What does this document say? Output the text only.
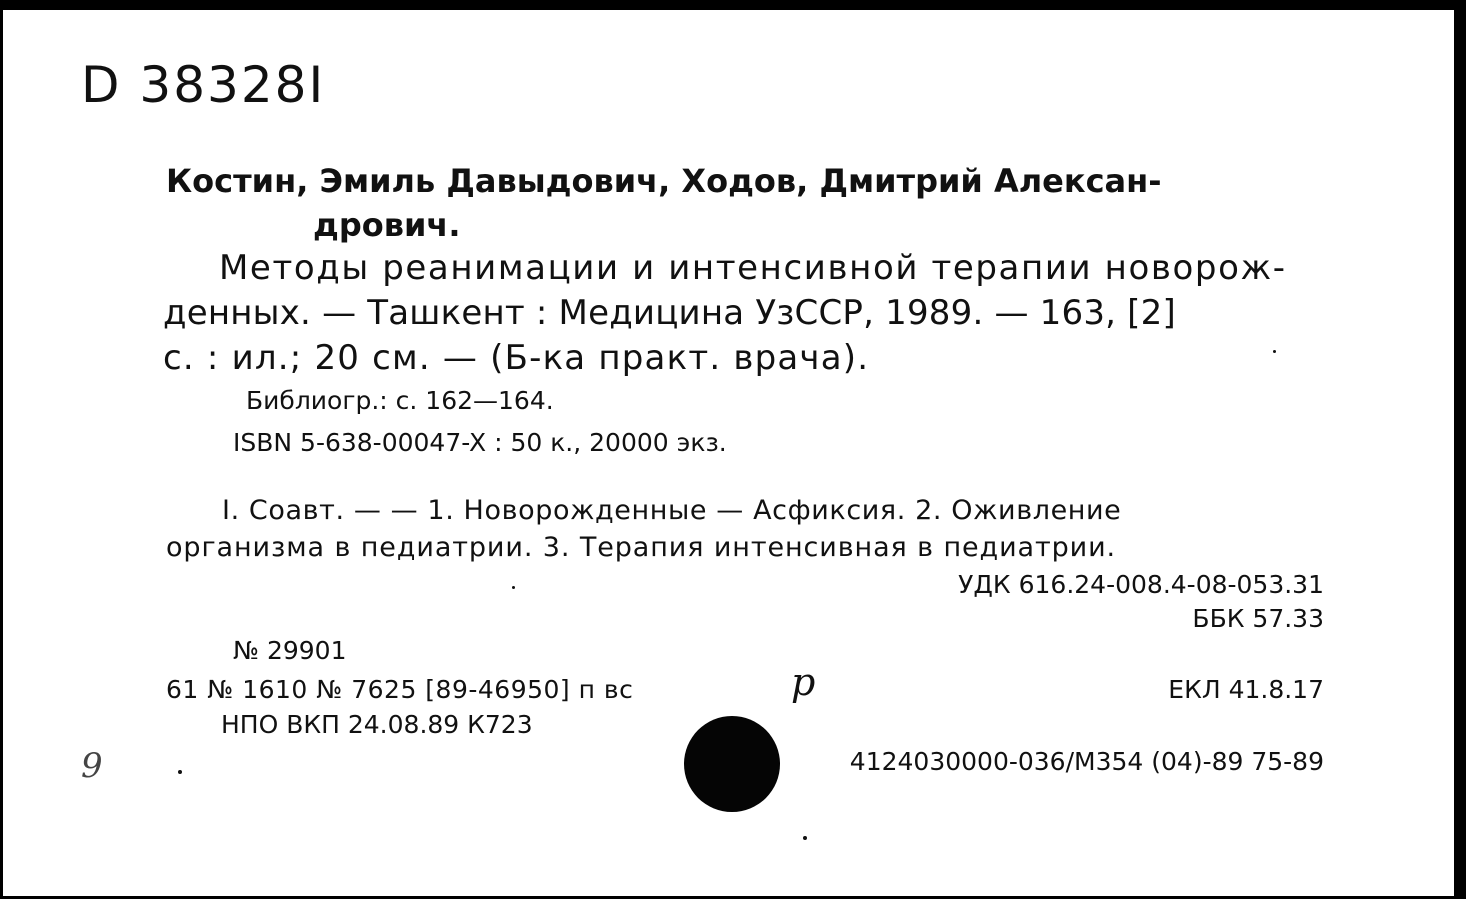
D 38328I
Костин, Эмиль Давыдович, Ходов, Дмитрий Алексан-
дрович.
Методы реанимации и интенсивной терапии новорож-
денных. — Ташкент : Медицина УзССР, 1989. — 163, [2]
с. : ил.; 20 см. — (Б-ка практ. врача).
Библиогр.: с. 162—164.
ISBN 5-638-00047-X : 50 к., 20000 экз.
I. Соавт. — — 1. Новорожденные — Асфиксия. 2. Оживление
организма в педиатрии. 3. Терапия интенсивная в педиатрии.
УДК 616.24-008.4-08-053.31
ББК 57.33
№ 29901
61 № 1610 № 7625 [89-46950] п вс	р	ЕКЛ 41.8.17
НПО ВКП 24.08.89 К723
4124030000-036/М354 (04)-89 75-89
9
